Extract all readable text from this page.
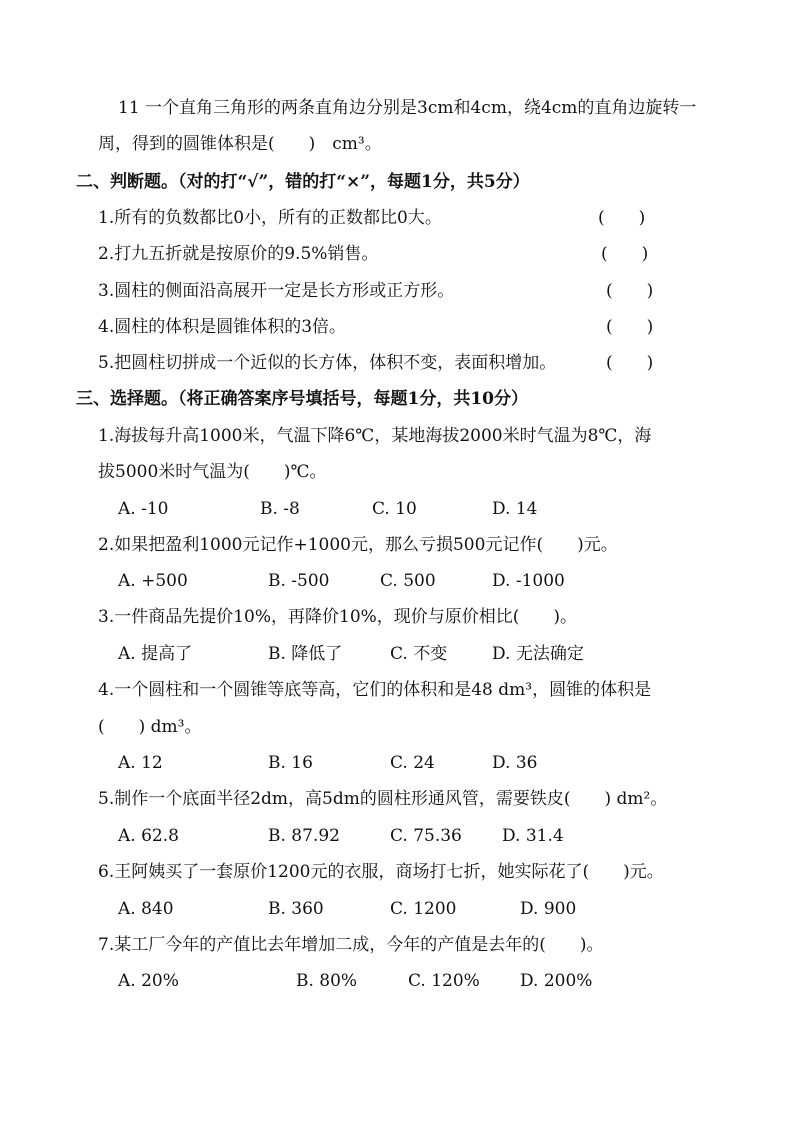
11 一个直角三角形的两条直角边分别是3cm和4cm，绕4cm的直角边旋转一
周，得到的圆锥体积是(　　)　cm³。
二、判断题。（对的打“√”，错的打“×”，每题1分，共5分）
1.所有的负数都比0小，所有的正数都比0大。	(　　)
2.打九五折就是按原价的9.5%销售。	(　　)
3.圆柱的侧面沿高展开一定是长方形或正方形。	(　　)
4.圆柱的体积是圆锥体积的3倍。	(　　)
5.把圆柱切拼成一个近似的长方体，体积不变，表面积增加。	(　　)
三、选择题。（将正确答案序号填括号，每题1分，共10分）
1.海拔每升高1000米，气温下降6℃，某地海拔2000米时气温为8℃，海
拔5000米时气温为(　　)℃。
A. -10	B. -8	C. 10	D. 14
2.如果把盈利1000元记作+1000元，那么亏损500元记作(　　)元。
A. +500	B. -500	C. 500	D. -1000
3.一件商品先提价10%，再降价10%，现价与原价相比(　　)。
A. 提高了	B. 降低了	C. 不变	D. 无法确定
4.一个圆柱和一个圆锥等底等高，它们的体积和是48 dm³，圆锥的体积是
(　　) dm³。
A. 12	B. 16	C. 24	D. 36
5.制作一个底面半径2dm，高5dm的圆柱形通风管，需要铁皮(　　) dm²。
A. 62.8	B. 87.92	C. 75.36 D. 31.4
6.王阿姨买了一套原价1200元的衣服，商场打七折，她实际花了(　　)元。
A. 840	B. 360	C. 1200	D. 900
7.某工厂今年的产值比去年增加二成，今年的产值是去年的(　　)。
A. 20%	B. 80%	C. 120% D. 200%
